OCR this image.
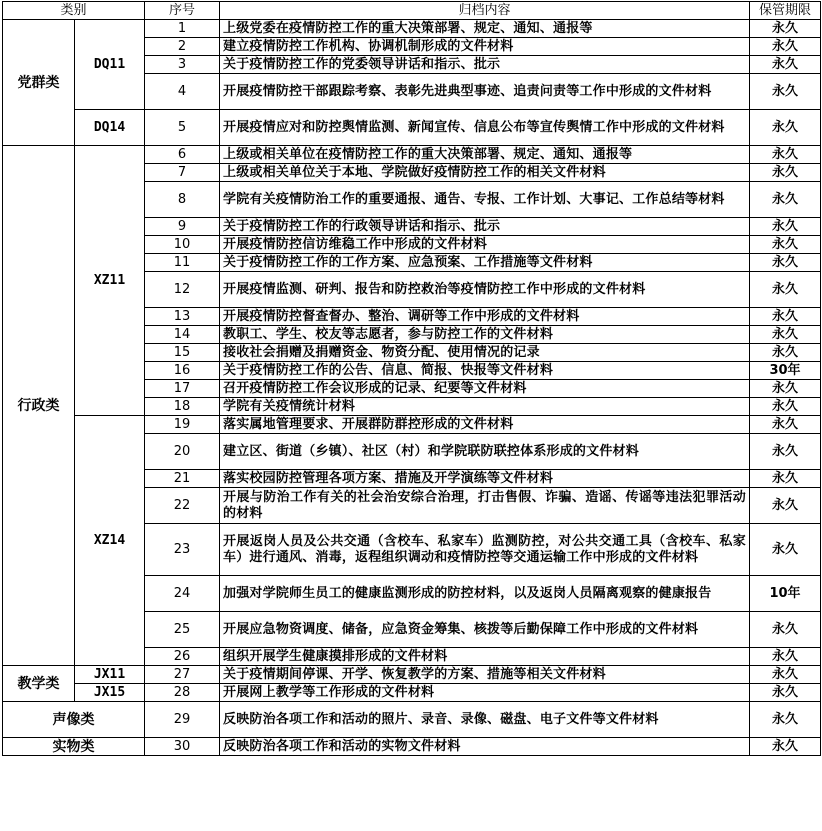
类别		序号	归档内容	保管期限
党群类	DQ11	1	上级党委在疫情防控工作的重大决策部署、规定、通知、通报等	永久
		2	建立疫情防控工作机构、协调机制形成的文件材料	永久
		3	关于疫情防控工作的党委领导讲话和指示、批示	永久
		4	开展疫情防控干部跟踪考察、表彰先进典型事迹、追责问责等工作中形成的文件材料	永久
	DQ14	5	开展疫情应对和防控舆情监测、新闻宣传、信息公布等宣传舆情工作中形成的文件材料	永久
行政类	XZ11	6	上级或相关单位在疫情防控工作的重大决策部署、规定、通知、通报等	永久
		7	上级或相关单位关于本地、学院做好疫情防控工作的相关文件材料	永久
		8	学院有关疫情防治工作的重要通报、通告、专报、工作计划、大事记、工作总结等材料	永久
		9	关于疫情防控工作的行政领导讲话和指示、批示	永久
		10	开展疫情防控信访维稳工作中形成的文件材料	永久
		11	关于疫情防控工作的工作方案、应急预案、工作措施等文件材料	永久
		12	开展疫情监测、研判、报告和防控救治等疫情防控工作中形成的文件材料	永久
		13	开展疫情防控督查督办、整治、调研等工作中形成的文件材料	永久
		14	教职工、学生、校友等志愿者，参与防控工作的文件材料	永久
		15	接收社会捐赠及捐赠资金、物资分配、使用情况的记录	永久
		16	关于疫情防控工作的公告、信息、简报、快报等文件材料	30年
		17	召开疫情防控工作会议形成的记录、纪要等文件材料	永久
		18	学院有关疫情统计材料	永久
	XZ14	19	落实属地管理要求、开展群防群控形成的文件材料	永久
		20	建立区、街道（乡镇）、社区（村）和学院联防联控体系形成的文件材料	永久
		21	落实校园防控管理各项方案、措施及开学演练等文件材料	永久
		22	开展与防治工作有关的社会治安综合治理，打击售假、诈骗、造谣、传谣等违法犯罪活动的材料	永久
		23	开展返岗人员及公共交通（含校车、私家车）监测防控，对公共交通工具（含校车、私家车）进行通风、消毒，返程组织调动和疫情防控等交通运输工作中形成的文件材料	永久
		24	加强对学院师生员工的健康监测形成的防控材料，以及返岗人员隔离观察的健康报告	10年
		25	开展应急物资调度、储备，应急资金筹集、核拨等后勤保障工作中形成的文件材料	永久
		26	组织开展学生健康摸排形成的文件材料	永久
教学类	JX11	27	关于疫情期间停课、开学、恢复教学的方案、措施等相关文件材料	永久
	JX15	28	开展网上教学等工作形成的文件材料	永久
声像类		29	反映防治各项工作和活动的照片、录音、录像、磁盘、电子文件等文件材料	永久
实物类		30	反映防治各项工作和活动的实物文件材料	永久
